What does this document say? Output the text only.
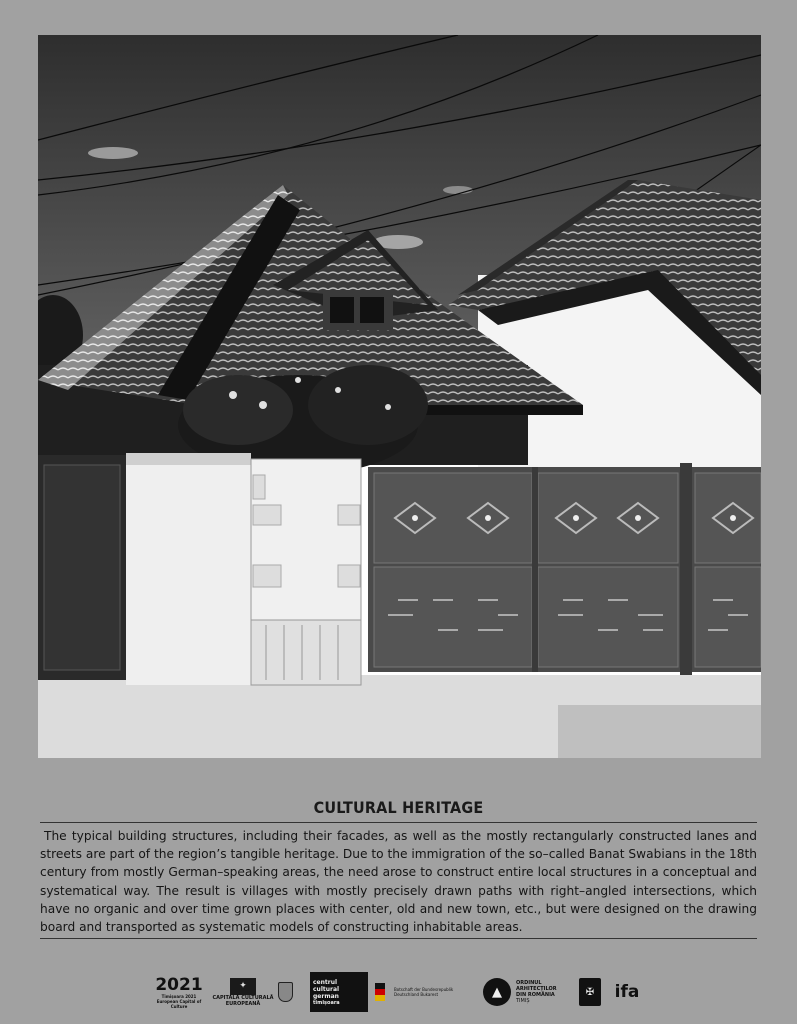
CULTURAL HERITAGE
The typical building structures, including their facades, as well as the mostly rectangularly constructed lanes and streets are part of the region’s tangible heritage. Due to the immigration of the so–called Banat Swabians in the 18th century from mostly German–speaking areas, the need arose to construct entire local structures in a conceptual and systematical way. The result is villages with mostly precisely drawn paths with right–angled intersections, which have no organic and over time grown places with center, old and new town, etc., but were designed on the drawing board and transported as systematic models of constructing inhabitable areas.
2021
Timișoara 2021 European Capital of Culture
✦
CAPITALĂ CULTURALĂ EUROPEANĂ
centrul
cultural
german
timișoara
Botschaft der Bundesrepublik Deutschland Bukarest	▲
ORDINUL
ARHITECȚILOR
DIN ROMÂNIA
TIMIȘ
✠	ifa
